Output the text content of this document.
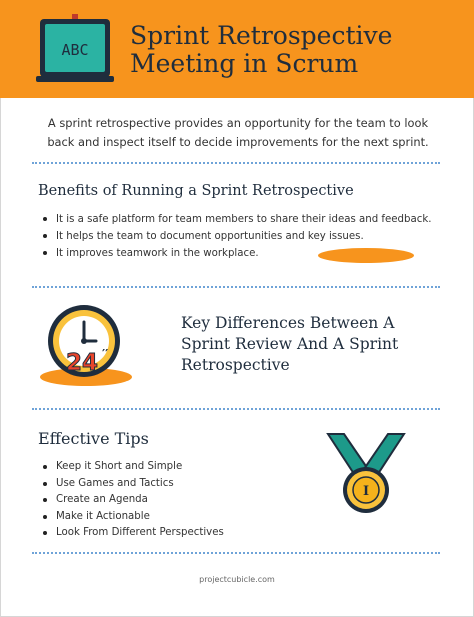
ABC Sprint Retrospective
Meeting in Scrum
A sprint retrospective provides an opportunity for the team to look
back and inspect itself to decide improvements for the next sprint.
Benefits of Running a Sprint Retrospective
It is a safe platform for team members to share their ideas and feedback.
It helps the team to document opportunities and key issues.
It improves teamwork in the workplace.
24 ′′
Key Differences Between A
Sprint Review And A Sprint
Retrospective
Effective Tips
Keep it Short and Simple
Use Games and Tactics
Create an Agenda
Make it Actionable
Look From Different Perspectives
I
projectcubicle.com
